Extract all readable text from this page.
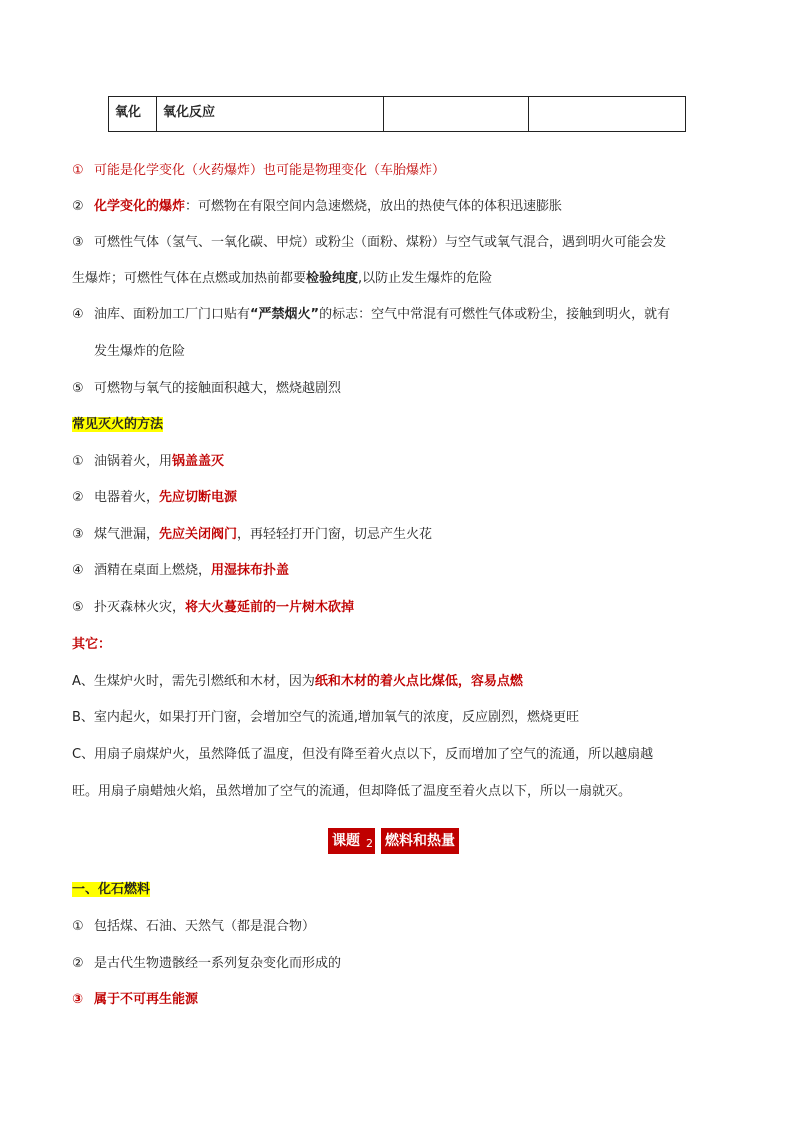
氧化	氧化反应

① 可能是化学变化（火药爆炸）也可能是物理变化（车胎爆炸）
② 化学变化的爆炸：可燃物在有限空间内急速燃烧，放出的热使气体的体积迅速膨胀
③ 可燃性气体（氢气、一氧化碳、甲烷）或粉尘（面粉、煤粉）与空气或氧气混合，遇到明火可能会发
生爆炸；可燃性气体在点燃或加热前都要检验纯度,以防止发生爆炸的危险
④ 油库、面粉加工厂门口贴有“严禁烟火”的标志：空气中常混有可燃性气体或粉尘，接触到明火，就有
发生爆炸的危险
⑤ 可燃物与氧气的接触面积越大，燃烧越剧烈
常见灭火的方法
① 油锅着火，用锅盖盖灭
② 电器着火，先应切断电源
③ 煤气泄漏，先应关闭阀门，再轻轻打开门窗，切忌产生火花
④ 酒精在桌面上燃烧，用湿抹布扑盖
⑤ 扑灭森林火灾，将大火蔓延前的一片树木砍掉
其它：
A、生煤炉火时，需先引燃纸和木材，因为纸和木材的着火点比煤低，容易点燃
B、室内起火，如果打开门窗，会增加空气的流通,增加氧气的浓度，反应剧烈，燃烧更旺
C、用扇子扇煤炉火，虽然降低了温度，但没有降至着火点以下，反而增加了空气的流通，所以越扇越
旺。用扇子扇蜡烛火焰，虽然增加了空气的流通，但却降低了温度至着火点以下，所以一扇就灭。
课题 2 燃料和热量
一、化石燃料
① 包括煤、石油、天然气（都是混合物）
② 是古代生物遗骸经一系列复杂变化而形成的
③ 属于不可再生能源
